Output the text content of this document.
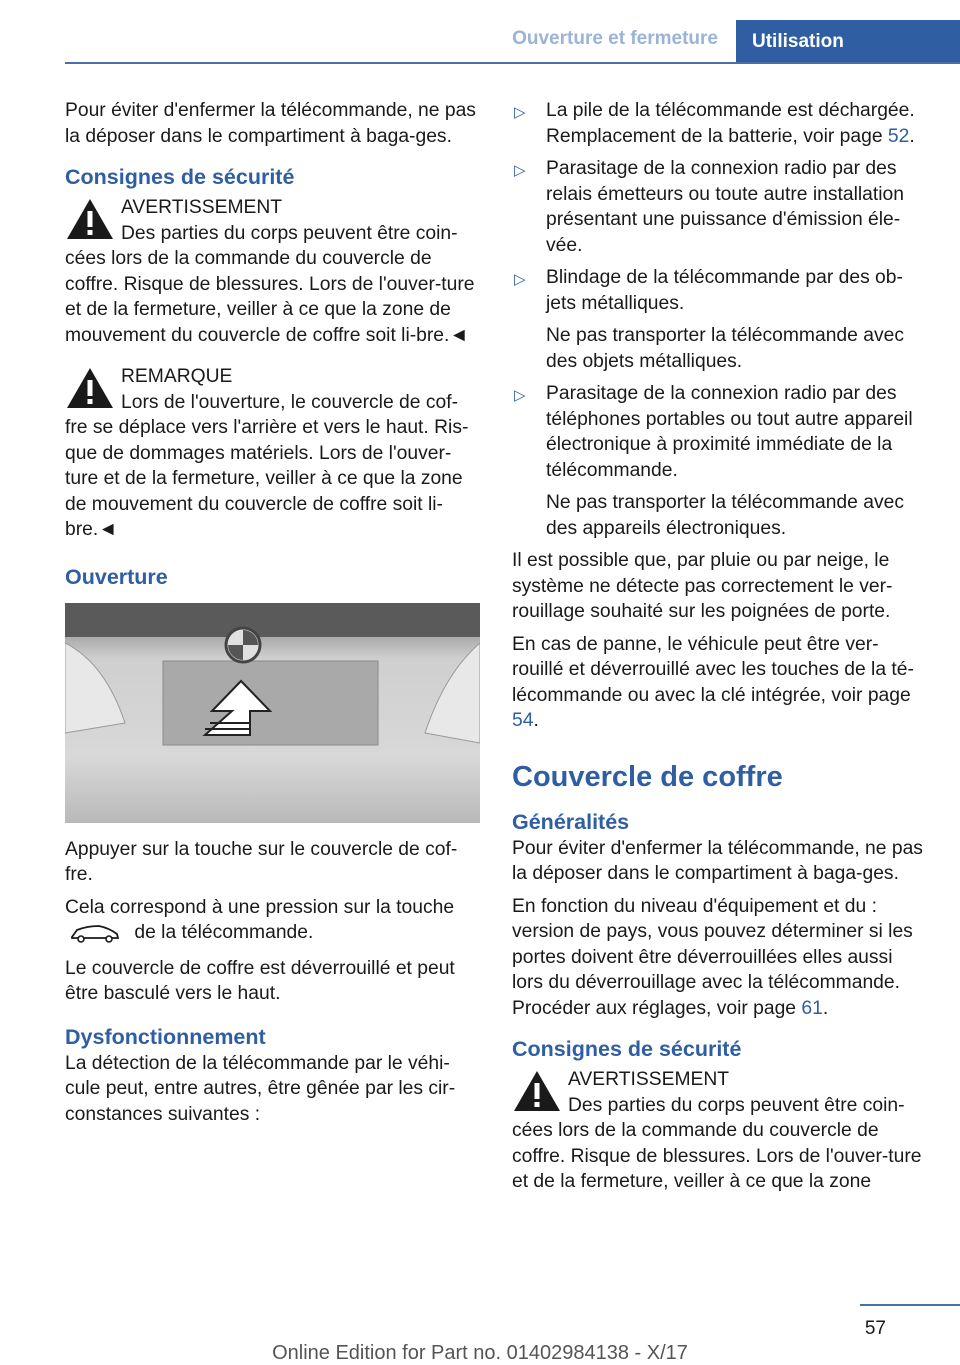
Ouverture et fermeture	Utilisation

Pour éviter d'enfermer la télécommande, ne pas la déposer dans le compartiment à baga-ges.

Consignes de sécurité

AVERTISSEMENT
Des parties du corps peuvent être coin-cées lors de la commande du couvercle de coffre. Risque de blessures. Lors de l'ouver-ture et de la fermeture, veiller à ce que la zone de mouvement du couvercle de coffre soit li-bre.◄
REMARQUE
Lors de l'ouverture, le couvercle de cof-fre se déplace vers l'arrière et vers le haut. Ris-que de dommages matériels. Lors de l'ouver-ture et de la fermeture, veiller à ce que la zone de mouvement du couvercle de coffre soit li-bre.◄

Ouverture

Appuyer sur la touche sur le couvercle de cof-fre.

Cela correspond à une pression sur la touche  de la télécommande.

Le couvercle de coffre est déverrouillé et peut être basculé vers le haut.

Dysfonctionnement

La détection de la télécommande par le véhi-cule peut, entre autres, être gênée par les cir-constances suivantes :

▷ La pile de la télécommande est déchargée. Remplacement de la batterie, voir page 52.
▷ Parasitage de la connexion radio par des relais émetteurs ou toute autre installation présentant une puissance d'émission éle-vée.
▷ Blindage de la télécommande par des ob-jets métalliques.
Ne pas transporter la télécommande avec des objets métalliques.
▷ Parasitage de la connexion radio par des téléphones portables ou tout autre appareil électronique à proximité immédiate de la télécommande.
Ne pas transporter la télécommande avec des appareils électroniques.

Il est possible que, par pluie ou par neige, le système ne détecte pas correctement le ver-rouillage souhaité sur les poignées de porte.

En cas de panne, le véhicule peut être ver-rouillé et déverrouillé avec les touches de la té-lécommande ou avec la clé intégrée, voir page 54.

Couvercle de coffre

Généralités

Pour éviter d'enfermer la télécommande, ne pas la déposer dans le compartiment à baga-ges.

En fonction du niveau d'équipement et du : version de pays, vous pouvez déterminer si les portes doivent être déverrouillées elles aussi lors du déverrouillage avec la télécommande. Procéder aux réglages, voir page 61.

Consignes de sécurité

AVERTISSEMENT
Des parties du corps peuvent être coin-cées lors de la commande du couvercle de coffre. Risque de blessures. Lors de l'ouver-ture et de la fermeture, veiller à ce que la zone
57
Online Edition for Part no. 01402984138 - X/17
